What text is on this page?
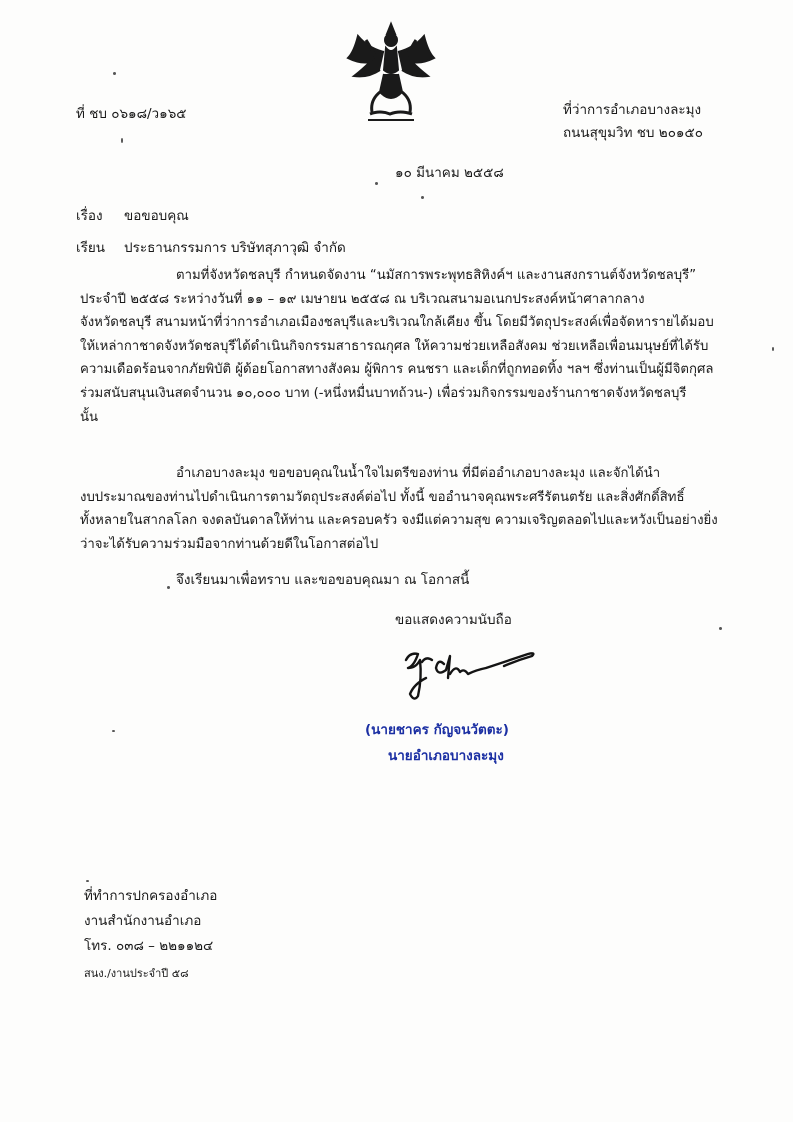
ที่ ชบ ๐๖๑๘/ว๑๖๕	ที่ว่าการอำเภอบางละมุง
ถนนสุขุมวิท ชบ ๒๐๑๕๐
๑๐ มีนาคม ๒๕๕๘
เรื่อง ขอขอบคุณ
เรียน ประธานกรรมการ บริษัทสุภาวุฒิ จำกัด
ตามที่จังหวัดชลบุรี กำหนดจัดงาน “นมัสการพระพุทธสิหิงค์ฯ และงานสงกรานต์จังหวัดชลบุรี”
ประจำปี ๒๕๕๘ ระหว่างวันที่ ๑๑ – ๑๙ เมษายน ๒๕๕๘ ณ บริเวณสนามอเนกประสงค์หน้าศาลากลาง
จังหวัดชลบุรี สนามหน้าที่ว่าการอำเภอเมืองชลบุรีและบริเวณใกล้เคียง ขึ้น โดยมีวัตถุประสงค์เพื่อจัดหารายได้มอบ
ให้เหล่ากาชาดจังหวัดชลบุรีได้ดำเนินกิจกรรมสาธารณกุศล ให้ความช่วยเหลือสังคม ช่วยเหลือเพื่อนมนุษย์ที่ได้รับ
ความเดือดร้อนจากภัยพิบัติ ผู้ด้อยโอกาสทางสังคม ผู้พิการ คนชรา และเด็กที่ถูกทอดทิ้ง ฯลฯ ซึ่งท่านเป็นผู้มีจิตกุศล
ร่วมสนับสนุนเงินสดจำนวน ๑๐,๐๐๐ บาท (-หนึ่งหมื่นบาทถ้วน-) เพื่อร่วมกิจกรรมของร้านกาชาดจังหวัดชลบุรี
นั้น
อำเภอบางละมุง ขอขอบคุณในน้ำใจไมตรีของท่าน ที่มีต่ออำเภอบางละมุง และจักได้นำ
งบประมาณของท่านไปดำเนินการตามวัตถุประสงค์ต่อไป ทั้งนี้ ขออำนาจคุณพระศรีรัตนตรัย และสิ่งศักดิ์สิทธิ์
ทั้งหลายในสากลโลก จงดลบันดาลให้ท่าน และครอบครัว จงมีแต่ความสุข ความเจริญตลอดไปและหวังเป็นอย่างยิ่ง
ว่าจะได้รับความร่วมมือจากท่านด้วยดีในโอกาสต่อไป
จึงเรียนมาเพื่อทราบ และขอขอบคุณมา ณ โอกาสนี้
ขอแสดงความนับถือ
(นายชาคร กัญจนวัตตะ)
นายอำเภอบางละมุง
ที่ทำการปกครองอำเภอ
งานสำนักงานอำเภอ
โทร. ๐๓๘ – ๒๒๑๑๒๔
สนง./งานประจำปี ๕๘
